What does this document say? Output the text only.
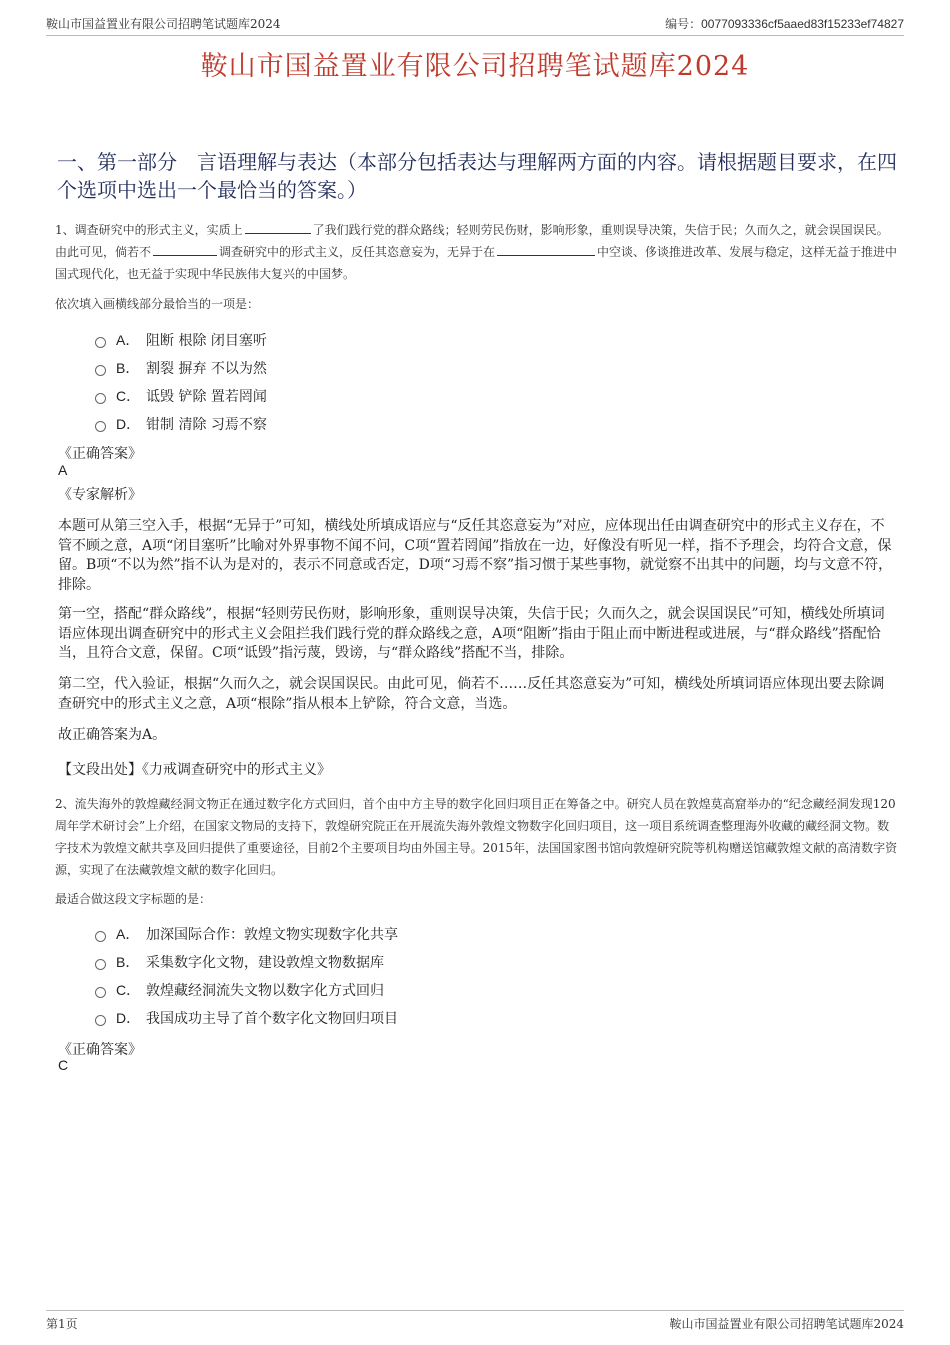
鞍山市国益置业有限公司招聘笔试题库2024	编号：0077093336cf5aaed83f15233ef74827
鞍山市国益置业有限公司招聘笔试题库2024
一、第一部分　言语理解与表达（本部分包括表达与理解两方面的内容。请根据题目要求，在四个选项中选出一个最恰当的答案。）
1、调查研究中的形式主义，实质上	了我们践行党的群众路线；轻则劳民伤财，影响形象，重则误导决策，失信于民；久而久之，就会误国误民。由此可见，倘若不	调查研究中的形式主义，反任其恣意妄为，无异于在	中空谈、侈谈推进改革、发展与稳定，这样无益于推进中国式现代化，也无益于实现中华民族伟大复兴的中国梦。
依次填入画横线部分最恰当的一项是：
A． 阻断 根除 闭目塞听
B． 割裂 摒弃 不以为然
C． 诋毁 铲除 置若罔闻
D． 钳制 清除 习焉不察
《正确答案》
A
《专家解析》
本题可从第三空入手，根据“无异于”可知，横线处所填成语应与“反任其恣意妄为”对应，应体现出任由调查研究中的形式主义存在，不管不顾之意，A项“闭目塞听”比喻对外界事物不闻不问，C项“置若罔闻”指放在一边，好像没有听见一样，指不予理会，均符合文意，保留。B项“不以为然”指不认为是对的，表示不同意或否定，D项“习焉不察”指习惯于某些事物，就觉察不出其中的问题，均与文意不符，排除。
第一空，搭配“群众路线”，根据“轻则劳民伤财，影响形象，重则误导决策，失信于民；久而久之，就会误国误民”可知，横线处所填词语应体现出调查研究中的形式主义会阻拦我们践行党的群众路线之意，A项“阻断”指由于阻止而中断进程或进展，与“群众路线”搭配恰当，且符合文意，保留。C项“诋毁”指污蔑，毁谤，与“群众路线”搭配不当，排除。
第二空，代入验证，根据“久而久之，就会误国误民。由此可见，倘若不……反任其恣意妄为”可知，横线处所填词语应体现出要去除调查研究中的形式主义之意，A项“根除”指从根本上铲除，符合文意，当选。
故正确答案为A。
【文段出处】《力戒调查研究中的形式主义》
2、流失海外的敦煌藏经洞文物正在通过数字化方式回归，首个由中方主导的数字化回归项目正在筹备之中。研究人员在敦煌莫高窟举办的“纪念藏经洞发现120周年学术研讨会”上介绍，在国家文物局的支持下，敦煌研究院正在开展流失海外敦煌文物数字化回归项目，这一项目系统调查整理海外收藏的藏经洞文物。数字技术为敦煌文献共享及回归提供了重要途径，目前2个主要项目均由外国主导。2015年，法国国家图书馆向敦煌研究院等机构赠送馆藏敦煌文献的高清数字资源，实现了在法藏敦煌文献的数字化回归。
最适合做这段文字标题的是：
A． 加深国际合作：敦煌文物实现数字化共享
B． 采集数字化文物，建设敦煌文物数据库
C． 敦煌藏经洞流失文物以数字化方式回归
D． 我国成功主导了首个数字化文物回归项目
《正确答案》
C
第1页	鞍山市国益置业有限公司招聘笔试题库2024
